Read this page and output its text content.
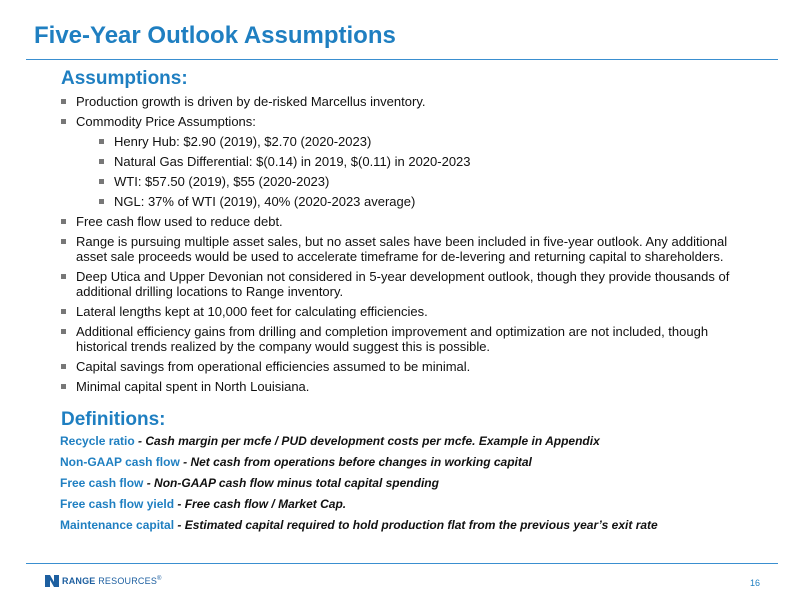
Five-Year Outlook Assumptions
Assumptions:
Production growth is driven by de-risked Marcellus inventory.
Commodity Price Assumptions:
Henry Hub: $2.90 (2019), $2.70 (2020-2023)
Natural Gas Differential: $(0.14) in 2019, $(0.11) in 2020-2023
WTI: $57.50 (2019), $55 (2020-2023)
NGL: 37% of WTI (2019), 40% (2020-2023 average)
Free cash flow used to reduce debt.
Range is pursuing multiple asset sales, but no asset sales have been included in five-year outlook. Any additional asset sale proceeds would be used to accelerate timeframe for de-levering and returning capital to shareholders.
Deep Utica and Upper Devonian not considered in 5-year development outlook, though they provide thousands of additional drilling locations to Range inventory.
Lateral lengths kept at 10,000 feet for calculating efficiencies.
Additional efficiency gains from drilling and completion improvement and optimization are not included, though historical trends realized by the company would suggest this is possible.
Capital savings from operational efficiencies assumed to be minimal.
Minimal capital spent in North Louisiana.
Definitions:
Recycle ratio - Cash margin per mcfe / PUD development costs per mcfe. Example in Appendix
Non-GAAP cash flow - Net cash from operations before changes in working capital
Free cash flow - Non-GAAP cash flow minus total capital spending
Free cash flow yield - Free cash flow / Market Cap.
Maintenance capital - Estimated capital required to hold production flat from the previous year’s exit rate
RANGE RESOURCES®	16
